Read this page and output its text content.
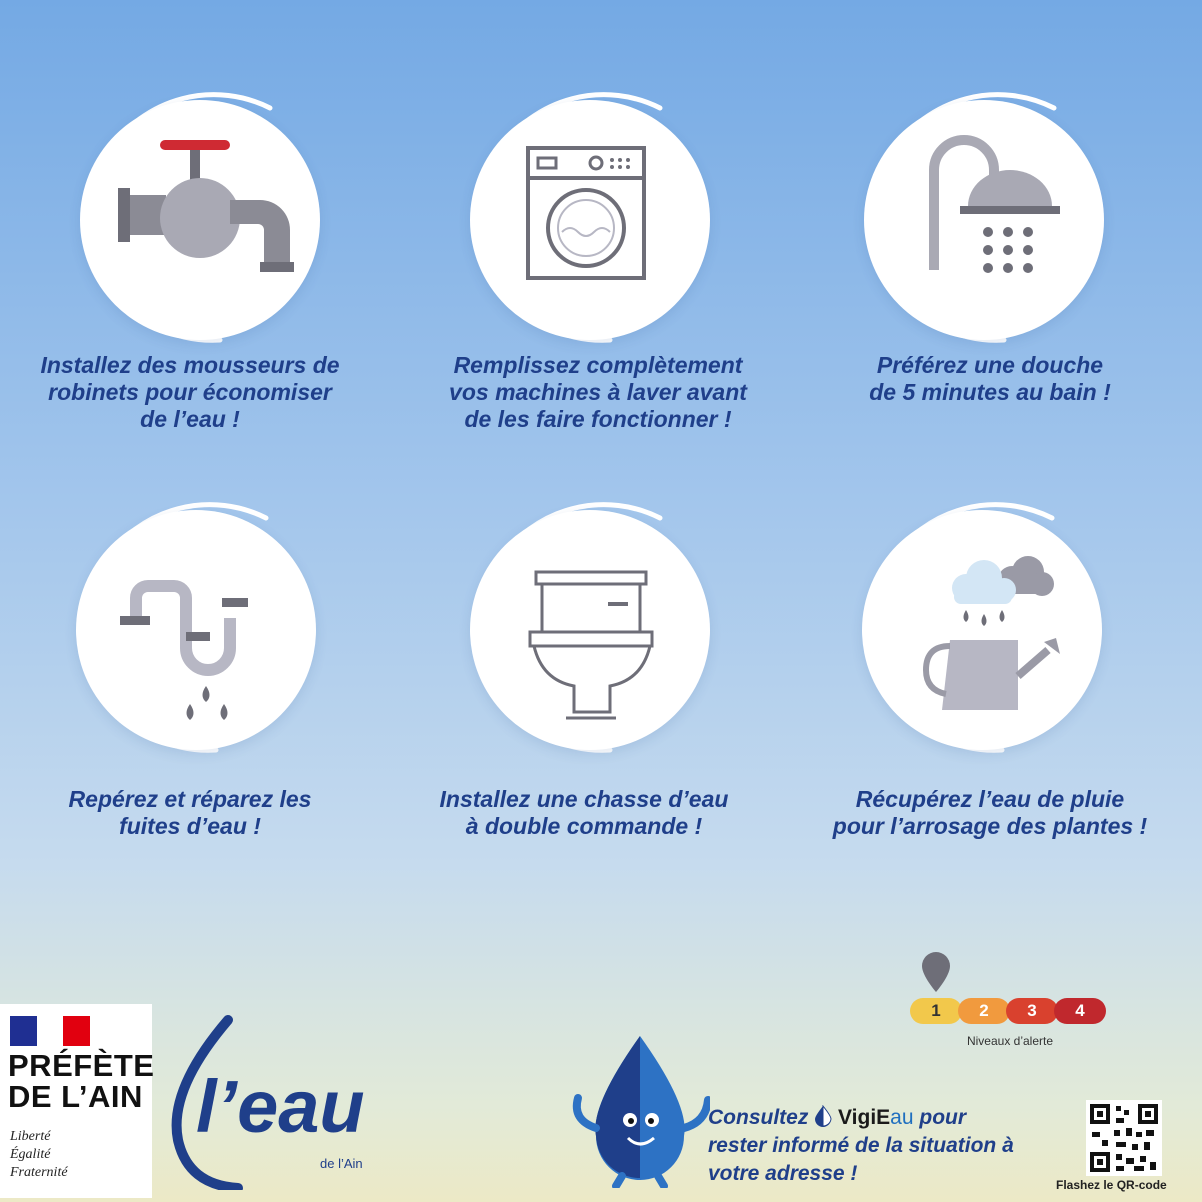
Installez des mousseurs de
robinets pour économiser
de l’eau !
Remplissez complètement
vos machines à laver avant
de les faire fonctionner !
Préférez une douche
de 5 minutes au bain !
Repérez et réparez les
fuites d’eau !
Installez une chasse d’eau
à double commande !
Récupérez l’eau de pluie
pour l’arrosage des plantes !
PRÉFÈTE
DE L’AIN
Liberté
Égalité
Fraternité
l’eau
de l’Ain
1	2	3	4
Niveaux d’alerte
Consultez VigiEau pour
rester informé de la situation à
votre adresse !	Flashez le QR-code
